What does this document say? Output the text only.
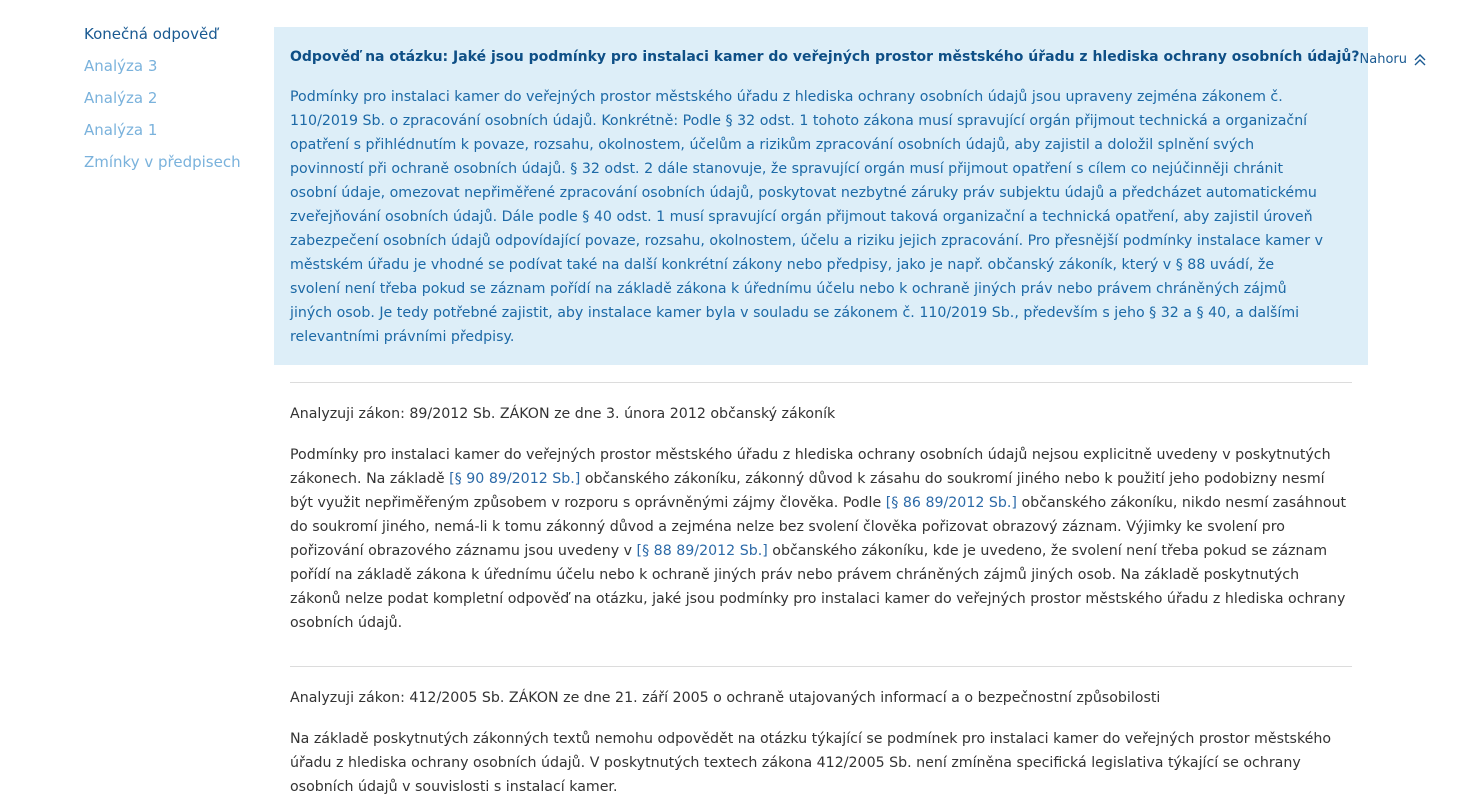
Konečná odpověď
Analýza 3
Analýza 2
Analýza 1
Zmínky v předpisech
Odpověď na otázku: Jaké jsou podmínky pro instalaci kamer do veřejných prostor městského úřadu z hlediska ochrany osobních údajů? Nahoru

Podmínky pro instalaci kamer do veřejných prostor městského úřadu z hlediska ochrany osobních údajů jsou upraveny zejména zákonem č. 110/2019 Sb. o zpracování osobních údajů. Konkrétně: Podle § 32 odst. 1 tohoto zákona musí spravující orgán přijmout technická a organizační opatření s přihlédnutím k povaze, rozsahu, okolnostem, účelům a rizikům zpracování osobních údajů, aby zajistil a doložil splnění svých povinností při ochraně osobních údajů. § 32 odst. 2 dále stanovuje, že spravující orgán musí přijmout opatření s cílem co nejúčinněji chránit osobní údaje, omezovat nepřiměřené zpracování osobních údajů, poskytovat nezbytné záruky práv subjektu údajů a předcházet automatickému zveřejňování osobních údajů. Dále podle § 40 odst. 1 musí spravující orgán přijmout taková organizační a technická opatření, aby zajistil úroveň zabezpečení osobních údajů odpovídající povaze, rozsahu, okolnostem, účelu a riziku jejich zpracování. Pro přesnější podmínky instalace kamer v městském úřadu je vhodné se podívat také na další konkrétní zákony nebo předpisy, jako je např. občanský zákoník, který v § 88 uvádí, že svolení není třeba pokud se záznam pořídí na základě zákona k úřednímu účelu nebo k ochraně jiných práv nebo právem chráněných zájmů jiných osob. Je tedy potřebné zajistit, aby instalace kamer byla v souladu se zákonem č. 110/2019 Sb., především s jeho § 32 a § 40, a dalšími relevantními právními předpisy.

Analyzuji zákon: 89/2012 Sb. ZÁKON ze dne 3. února 2012 občanský zákoník
Podmínky pro instalaci kamer do veřejných prostor městského úřadu z hlediska ochrany osobních údajů nejsou explicitně uvedeny v poskytnutých zákonech. Na základě [§ 90 89/2012 Sb.] občanského zákoníku, zákonný důvod k zásahu do soukromí jiného nebo k použití jeho podobizny nesmí být využit nepřiměřeným způsobem v rozporu s oprávněnými zájmy člověka. Podle [§ 86 89/2012 Sb.] občanského zákoníku, nikdo nesmí zasáhnout do soukromí jiného, nemá-li k tomu zákonný důvod a zejména nelze bez svolení člověka pořizovat obrazový záznam. Výjimky ke svolení pro pořizování obrazového záznamu jsou uvedeny v [§ 88 89/2012 Sb.] občanského zákoníku, kde je uvedeno, že svolení není třeba pokud se záznam pořídí na základě zákona k úřednímu účelu nebo k ochraně jiných práv nebo právem chráněných zájmů jiných osob. Na základě poskytnutých zákonů nelze podat kompletní odpověď na otázku, jaké jsou podmínky pro instalaci kamer do veřejných prostor městského úřadu z hlediska ochrany osobních údajů.
Analyzuji zákon: 412/2005 Sb. ZÁKON ze dne 21. září 2005 o ochraně utajovaných informací a o bezpečnostní způsobilosti
Na základě poskytnutých zákonných textů nemohu odpovědět na otázku týkající se podmínek pro instalaci kamer do veřejných prostor městského úřadu z hlediska ochrany osobních údajů. V poskytnutých textech zákona 412/2005 Sb. není zmíněna specifická legislativa týkající se ochrany osobních údajů v souvislosti s instalací kamer.
